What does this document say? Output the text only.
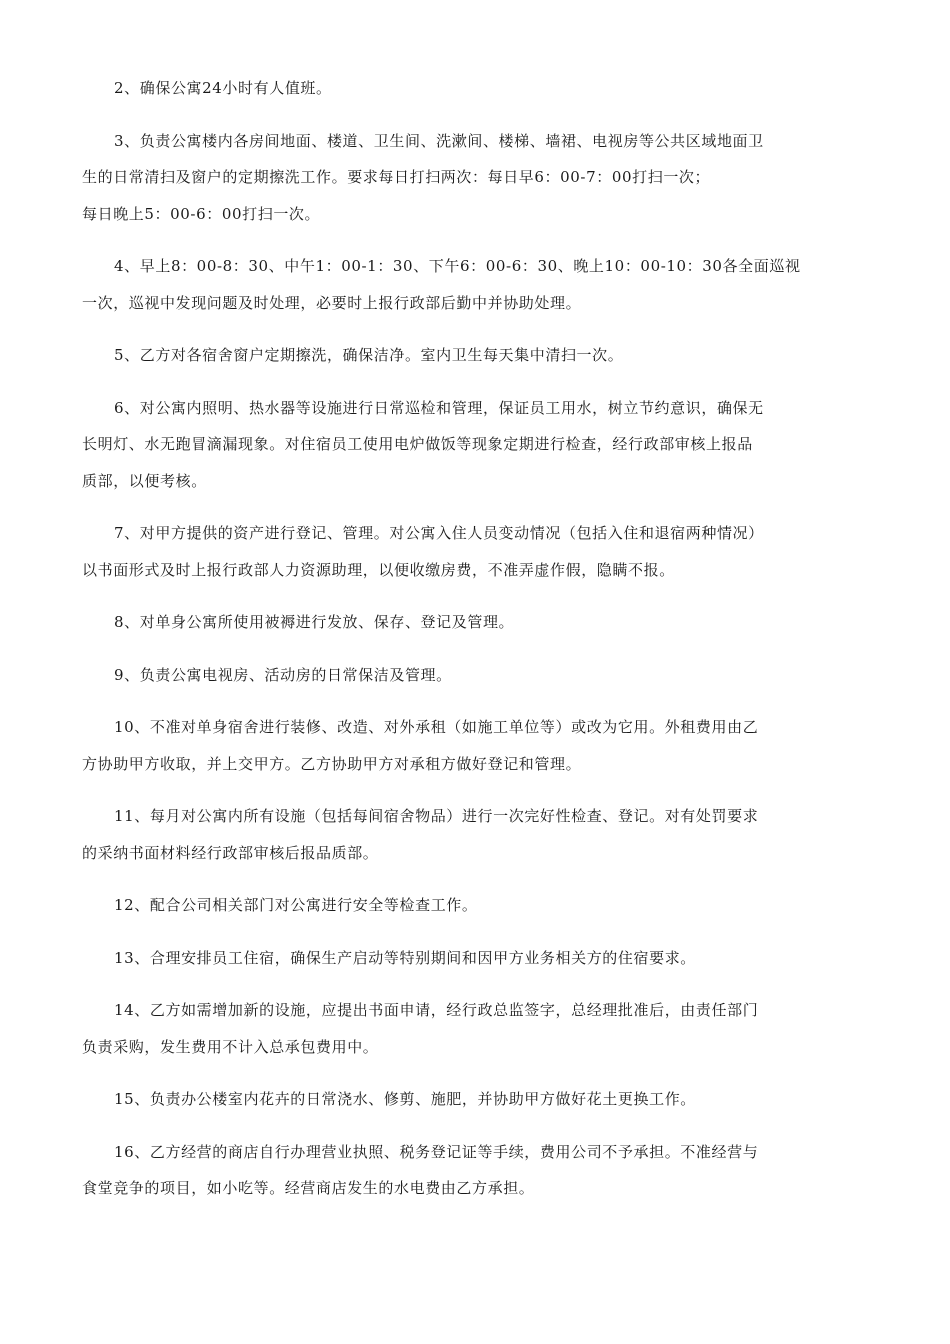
2、确保公寓24小时有人值班。

3、负责公寓楼内各房间地面、楼道、卫生间、洗漱间、楼梯、墙裙、电视房等公共区域地面卫
生的日常清扫及窗户的定期擦洗工作。要求每日打扫两次：每日早6：00-7：00打扫一次；
每日晚上5：00-6：00打扫一次。

4、早上8：00-8：30、中午1：00-1：30、下午6：00-6：30、晚上10：00-10：30各全面巡视
一次，巡视中发现问题及时处理，必要时上报行政部后勤中并协助处理。

5、乙方对各宿舍窗户定期擦洗，确保洁净。室内卫生每天集中清扫一次。

6、对公寓内照明、热水器等设施进行日常巡检和管理，保证员工用水，树立节约意识，确保无
长明灯、水无跑冒滴漏现象。对住宿员工使用电炉做饭等现象定期进行检查，经行政部审核上报品
质部，以便考核。

7、对甲方提供的资产进行登记、管理。对公寓入住人员变动情况（包括入住和退宿两种情况）
以书面形式及时上报行政部人力资源助理，以便收缴房费，不准弄虚作假，隐瞒不报。

8、对单身公寓所使用被褥进行发放、保存、登记及管理。

9、负责公寓电视房、活动房的日常保洁及管理。

10、不准对单身宿舍进行装修、改造、对外承租（如施工单位等）或改为它用。外租费用由乙
方协助甲方收取，并上交甲方。乙方协助甲方对承租方做好登记和管理。

11、每月对公寓内所有设施（包括每间宿舍物品）进行一次完好性检查、登记。对有处罚要求
的采纳书面材料经行政部审核后报品质部。

12、配合公司相关部门对公寓进行安全等检查工作。

13、合理安排员工住宿，确保生产启动等特别期间和因甲方业务相关方的住宿要求。

14、乙方如需增加新的设施，应提出书面申请，经行政总监签字，总经理批准后，由责任部门
负责采购，发生费用不计入总承包费用中。

15、负责办公楼室内花卉的日常浇水、修剪、施肥，并协助甲方做好花土更换工作。

16、乙方经营的商店自行办理营业执照、税务登记证等手续，费用公司不予承担。不准经营与
食堂竞争的项目，如小吃等。经营商店发生的水电费由乙方承担。
